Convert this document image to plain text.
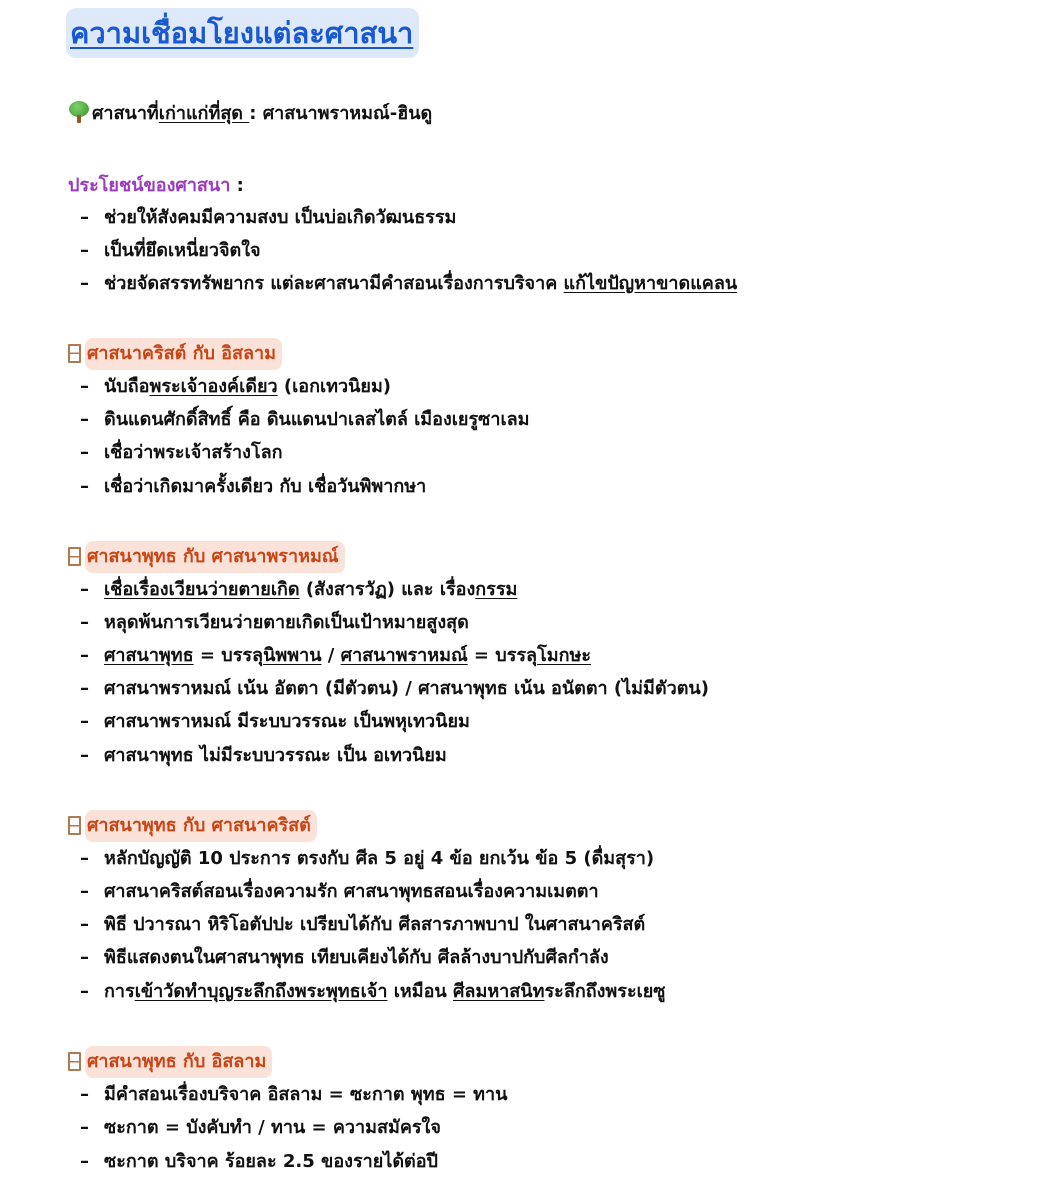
ความเชื่อมโยงแต่ละศาสนา
ศาสนาที่เก่าแก่ที่สุด : ศาสนาพราหมณ์-ฮินดู
ประโยชน์ของศาสนา :
– ช่วยให้สังคมมีความสงบ เป็นบ่อเกิดวัฒนธรรม
– เป็นที่ยึดเหนี่ยวจิตใจ
– ช่วยจัดสรรทรัพยากร แต่ละศาสนามีคำสอนเรื่องการบริจาค แก้ไขปัญหาขาดแคลน
ศาสนาคริสต์ กับ อิสลาม
– นับถือพระเจ้าองค์เดียว (เอกเทวนิยม)
– ดินแดนศักดิ์สิทธิ์ คือ ดินแดนปาเลสไตล์ เมืองเยรูซาเลม
– เชื่อว่าพระเจ้าสร้างโลก
– เชื่อว่าเกิดมาครั้งเดียว กับ เชื่อวันพิพากษา
ศาสนาพุทธ กับ ศาสนาพราหมณ์
– เชื่อเรื่องเวียนว่ายตายเกิด (สังสารวัฏ) และ เรื่องกรรม
– หลุดพ้นการเวียนว่ายตายเกิดเป็นเป้าหมายสูงสุด
– ศาสนาพุทธ = บรรลุนิพพาน / ศาสนาพราหมณ์ = บรรลุโมกษะ
– ศาสนาพราหมณ์ เน้น อัตตา (มีตัวตน) / ศาสนาพุทธ เน้น อนัตตา (ไม่มีตัวตน)
– ศาสนาพราหมณ์ มีระบบวรรณะ เป็นพหุเทวนิยม
– ศาสนาพุทธ ไม่มีระบบวรรณะ เป็น อเทวนิยม
ศาสนาพุทธ กับ ศาสนาคริสต์
– หลักบัญญัติ 10 ประการ ตรงกับ ศีล 5 อยู่ 4 ข้อ ยกเว้น ข้อ 5 (ดื่มสุรา)
– ศาสนาคริสต์สอนเรื่องความรัก ศาสนาพุทธสอนเรื่องความเมตตา
– พิธี ปวารณา หิริโอตัปปะ เปรียบได้กับ ศีลสารภาพบาป ในศาสนาคริสต์
– พิธีแสดงตนในศาสนาพุทธ เทียบเคียงได้กับ ศีลล้างบาปกับศีลกำลัง
– การเข้าวัดทำบุญระลึกถึงพระพุทธเจ้า เหมือน ศีลมหาสนิทระลึกถึงพระเยซู
ศาสนาพุทธ กับ อิสลาม
– มีคำสอนเรื่องบริจาค อิสลาม = ซะกาต พุทธ = ทาน
– ซะกาต = บังคับทำ / ทาน = ความสมัครใจ
– ซะกาต บริจาค ร้อยละ 2.5 ของรายได้ต่อปี
